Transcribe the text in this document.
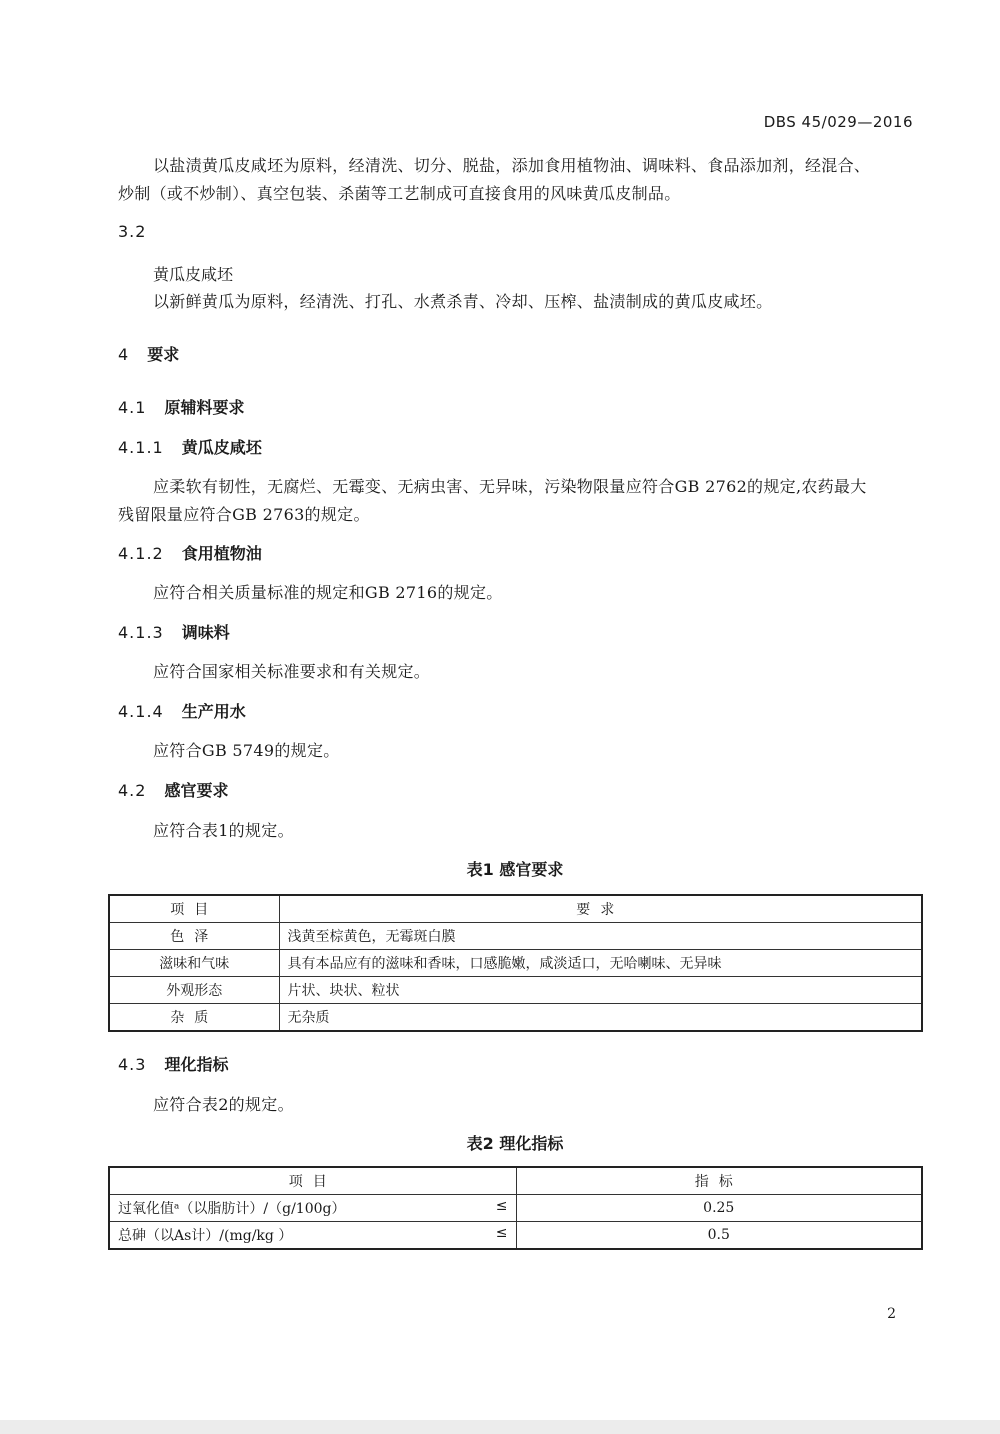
DBS 45/029—2016
以盐渍黄瓜皮咸坯为原料，经清洗、切分、脱盐，添加食用植物油、调味料、食品添加剂，经混合、
炒制（或不炒制）、真空包装、杀菌等工艺制成可直接食用的风味黄瓜皮制品。
3.2
黄瓜皮咸坯
以新鲜黄瓜为原料，经清洗、打孔、水煮杀青、冷却、压榨、盐渍制成的黄瓜皮咸坯。
4 要求
4.1 原辅料要求
4.1.1 黄瓜皮咸坯
应柔软有韧性，无腐烂、无霉变、无病虫害、无异味，污染物限量应符合GB 2762的规定,农药最大
残留限量应符合GB 2763的规定。
4.1.2 食用植物油
应符合相关质量标准的规定和GB 2716的规定。
4.1.3 调味料
应符合国家相关标准要求和有关规定。
4.1.4 生产用水
应符合GB 5749的规定。
4.2 感官要求
应符合表1的规定。
表1 感官要求
项目	要求
色泽	浅黄至棕黄色，无霉斑白膜
滋味和气味	具有本品应有的滋味和香味，口感脆嫩，咸淡适口，无哈喇味、无异味
外观形态	片状、块状、粒状
杂质	无杂质
4.3 理化指标
应符合表2的规定。
表2 理化指标
项目	指标
过氧化值ᵃ（以脂肪计）/（g/100g） ≤	0.25
总砷（以As计）/(mg/kg ） ≤	0.5
2
